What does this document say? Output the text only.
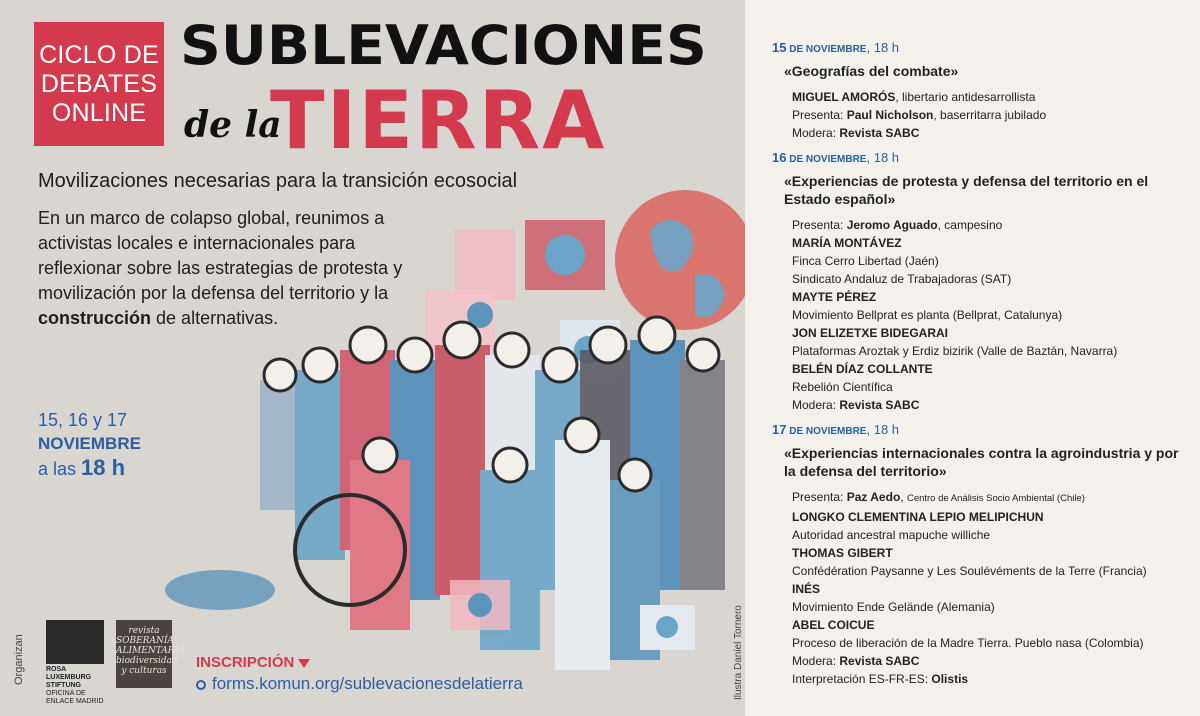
CICLO DE
DEBATES
ONLINE
SUBLEVACIONES
de la
TIERRA
Movilizaciones necesarias para la transición ecosocial
En un marco de colapso global, reunimos a activistas locales e internacionales para reflexionar sobre las estrategias de protesta y movilización por la defensa del territorio y la construcción de alternativas.
15, 16 y 17
NOVIEMBRE
a las 18 h
Organizan	ROSA
LUXEMBURG
STIFTUNG
OFICINA DE
ENLACE MADRID
revista
SOBERANÍA
ALIMENTARIA
biodiversidad
y culturas	INSCRIPCIÓN
forms.komun.org/sublevacionesdelatierra	Ilustra Daniel Tornero
15 DE NOVIEMBRE, 18 h
«Geografías del combate»
MIGUEL AMORÓS, libertario antidesarrollista
Presenta: Paul Nicholson, baserritarra jubilado
Modera: Revista SABC
16 DE NOVIEMBRE, 18 h
«Experiencias de protesta y defensa del territorio en el Estado español»
Presenta: Jeromo Aguado, campesino
MARÍA MONTÁVEZ
Finca Cerro Libertad (Jaén)
Sindicato Andaluz de Trabajadoras (SAT)
MAYTE PÉREZ
Movimiento Bellprat es planta (Bellprat, Catalunya)
JON ELIZETXE BIDEGARAI
Plataformas Aroztak y Erdiz bizirik (Valle de Baztán, Navarra)
BELÉN DÍAZ COLLANTE
Rebelión Científica
Modera: Revista SABC
17 DE NOVIEMBRE, 18 h
«Experiencias internacionales contra la agroindustria y por la defensa del territorio»
Presenta: Paz Aedo, Centro de Análisis Socio Ambiental (Chile)
LONGKO CLEMENTINA LEPIO MELIPICHUN
Autoridad ancestral mapuche williche
THOMAS GIBERT
Confédération Paysanne y Les Soulévéments de la Terre (Francia)
INÉS
Movimiento Ende Gelände (Alemania)
ABEL COICUE
Proceso de liberación de la Madre Tierra. Pueblo nasa (Colombia)
Modera: Revista SABC
Interpretación ES-FR-ES: Olistis
